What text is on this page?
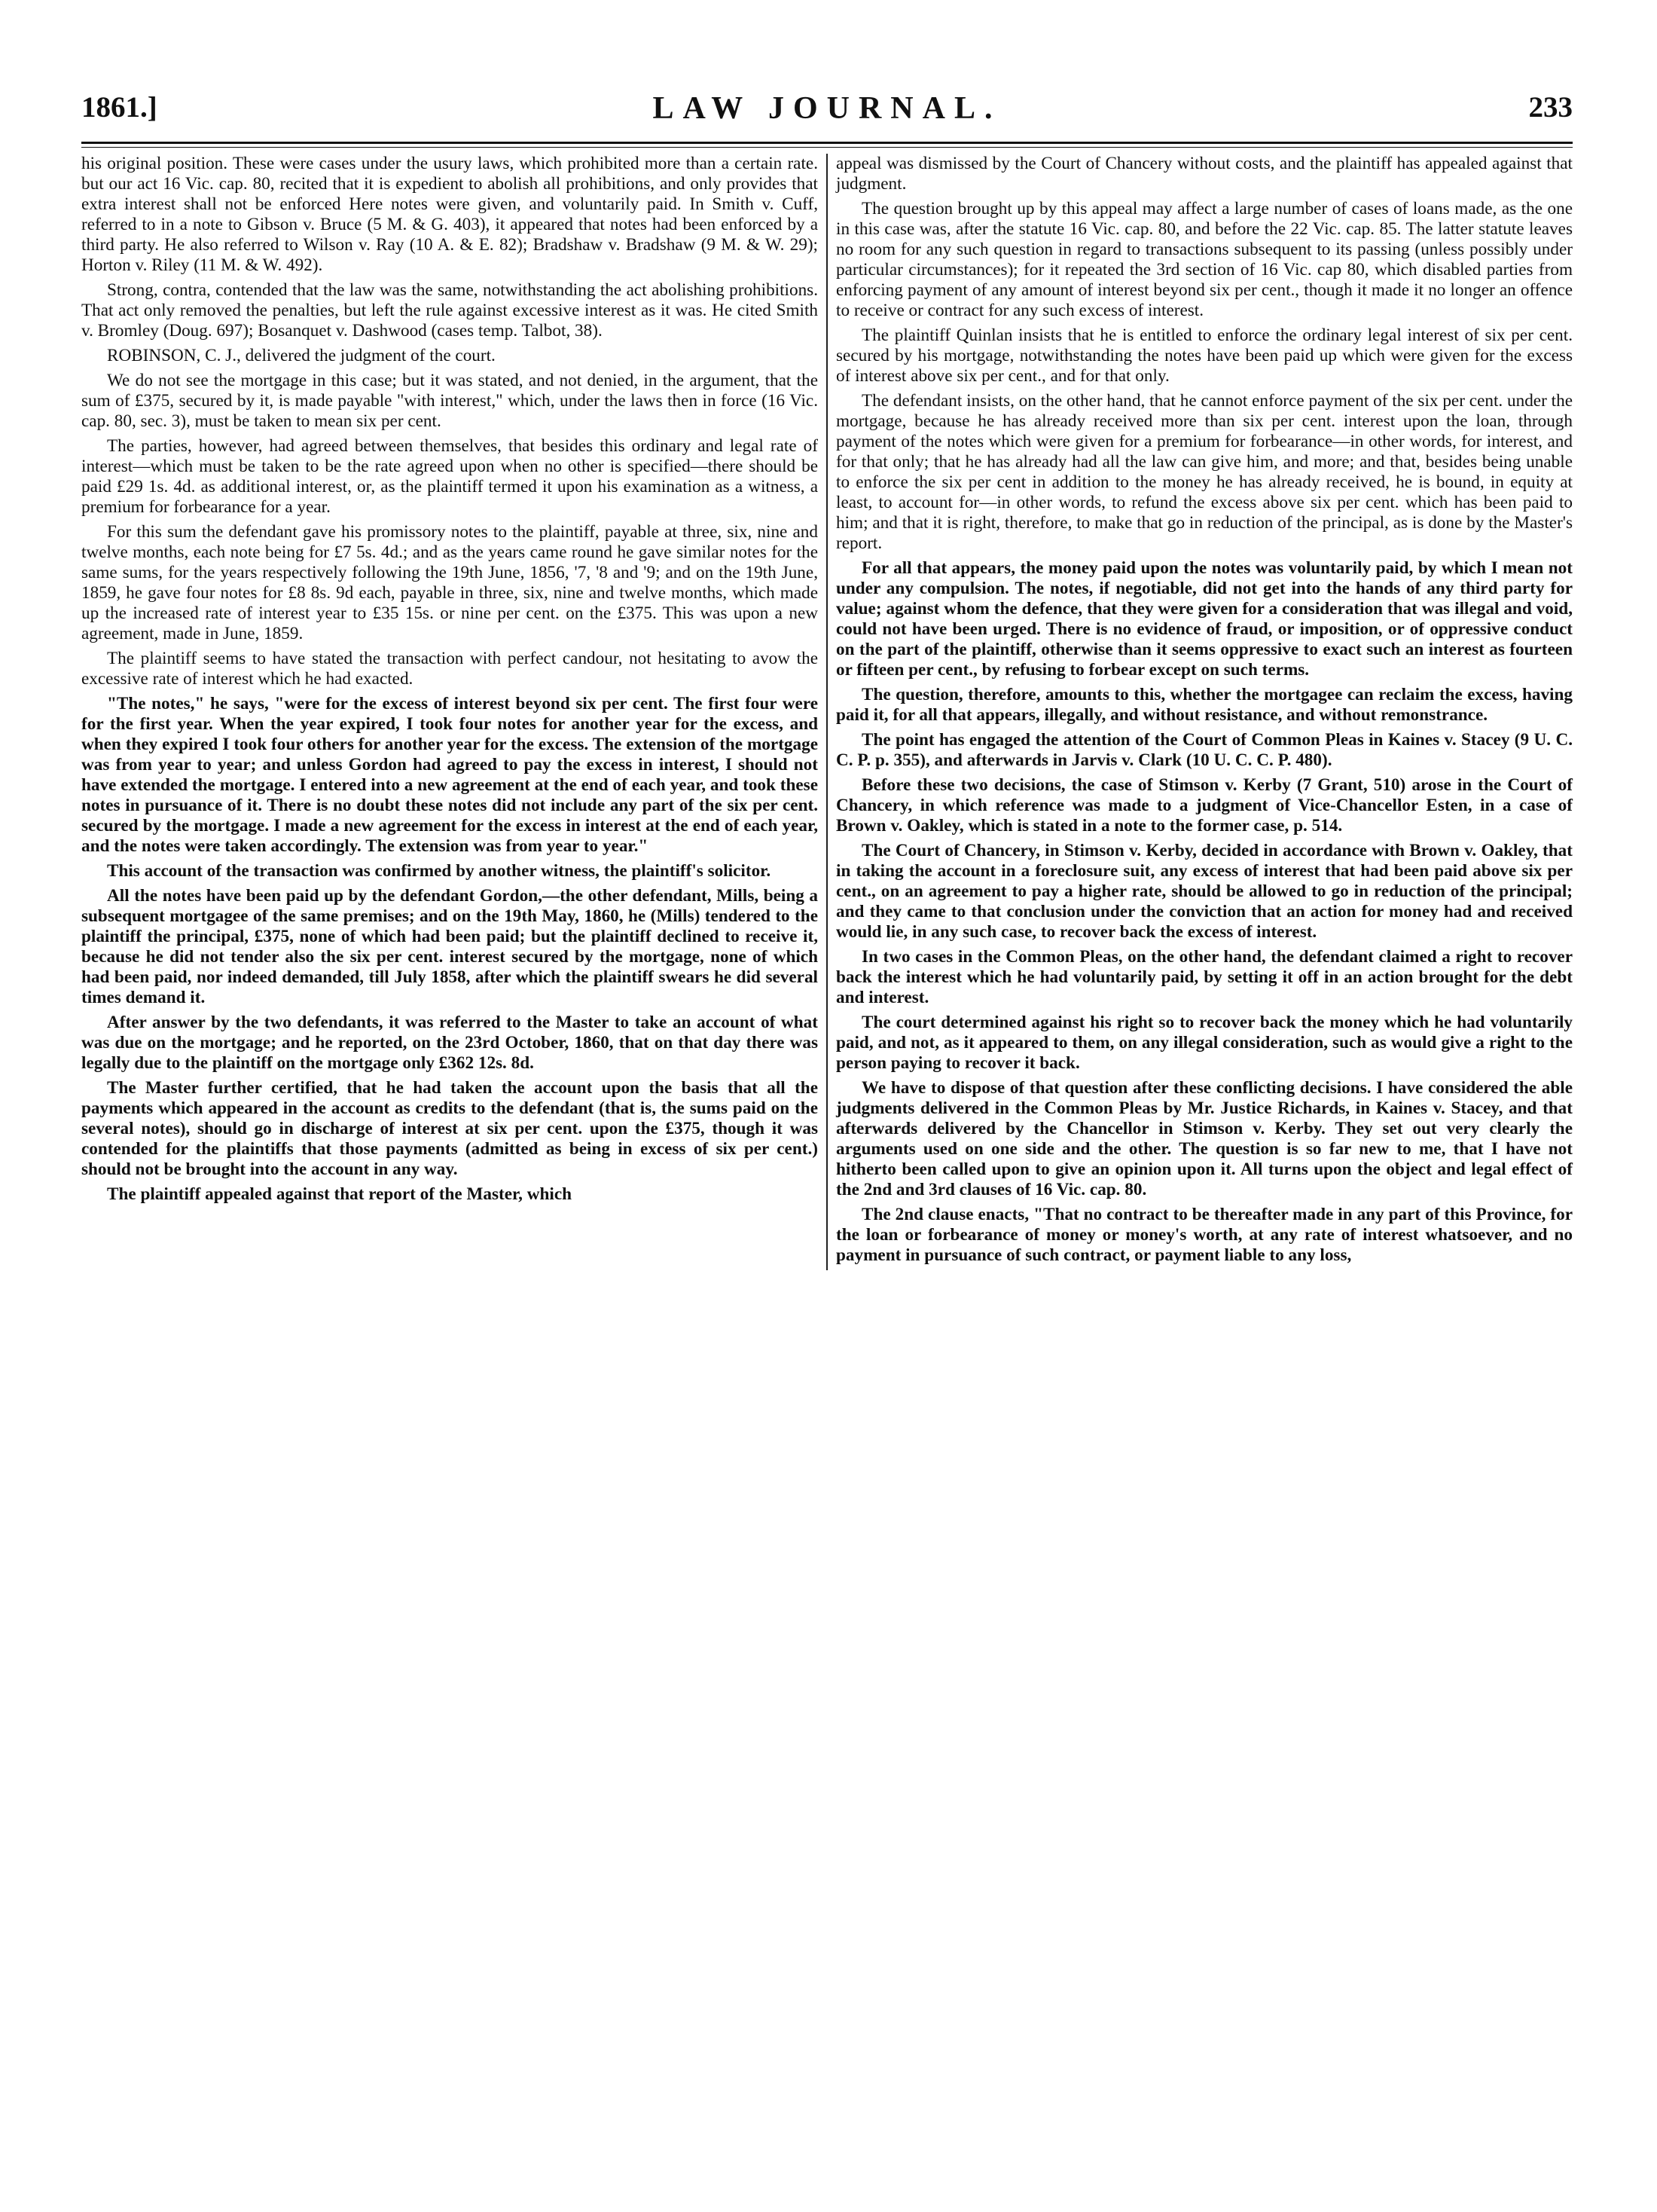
1861.]	LAW JOURNAL.	233

his original position. These were cases under the usury laws, which prohibited more than a certain rate. but our act 16 Vic. cap. 80, recited that it is expedient to abolish all prohibitions, and only provides that extra interest shall not be enforced Here notes were given, and voluntarily paid. In Smith v. Cuff, referred to in a note to Gibson v. Bruce (5 M. & G. 403), it appeared that notes had been enforced by a third party. He also referred to Wilson v. Ray (10 A. & E. 82); Bradshaw v. Bradshaw (9 M. & W. 29); Horton v. Riley (11 M. & W. 492).

Strong, contra, contended that the law was the same, notwithstanding the act abolishing prohibitions. That act only removed the penalties, but left the rule against excessive interest as it was. He cited Smith v. Bromley (Doug. 697); Bosanquet v. Dashwood (cases temp. Talbot, 38).

ROBINSON, C. J., delivered the judgment of the court.

We do not see the mortgage in this case; but it was stated, and not denied, in the argument, that the sum of £375, secured by it, is made payable "with interest," which, under the laws then in force (16 Vic. cap. 80, sec. 3), must be taken to mean six per cent.

The parties, however, had agreed between themselves, that besides this ordinary and legal rate of interest—which must be taken to be the rate agreed upon when no other is specified—there should be paid £29 1s. 4d. as additional interest, or, as the plaintiff termed it upon his examination as a witness, a premium for forbearance for a year.

For this sum the defendant gave his promissory notes to the plaintiff, payable at three, six, nine and twelve months, each note being for £7 5s. 4d.; and as the years came round he gave similar notes for the same sums, for the years respectively following the 19th June, 1856, '7, '8 and '9; and on the 19th June, 1859, he gave four notes for £8 8s. 9d each, payable in three, six, nine and twelve months, which made up the increased rate of interest year to £35 15s. or nine per cent. on the £375. This was upon a new agreement, made in June, 1859.

The plaintiff seems to have stated the transaction with perfect candour, not hesitating to avow the excessive rate of interest which he had exacted.

"The notes," he says, "were for the excess of interest beyond six per cent. The first four were for the first year. When the year expired, I took four notes for another year for the excess, and when they expired I took four others for another year for the excess. The extension of the mortgage was from year to year; and unless Gordon had agreed to pay the excess in interest, I should not have extended the mortgage. I entered into a new agreement at the end of each year, and took these notes in pursuance of it. There is no doubt these notes did not include any part of the six per cent. secured by the mortgage. I made a new agreement for the excess in interest at the end of each year, and the notes were taken accordingly. The extension was from year to year."

This account of the transaction was confirmed by another witness, the plaintiff's solicitor.

All the notes have been paid up by the defendant Gordon,—the other defendant, Mills, being a subsequent mortgagee of the same premises; and on the 19th May, 1860, he (Mills) tendered to the plaintiff the principal, £375, none of which had been paid; but the plaintiff declined to receive it, because he did not tender also the six per cent. interest secured by the mortgage, none of which had been paid, nor indeed demanded, till July 1858, after which the plaintiff swears he did several times demand it.

After answer by the two defendants, it was referred to the Master to take an account of what was due on the mortgage; and he reported, on the 23rd October, 1860, that on that day there was legally due to the plaintiff on the mortgage only £362 12s. 8d.

The Master further certified, that he had taken the account upon the basis that all the payments which appeared in the account as credits to the defendant (that is, the sums paid on the several notes), should go in discharge of interest at six per cent. upon the £375, though it was contended for the plaintiffs that those payments (admitted as being in excess of six per cent.) should not be brought into the account in any way.

The plaintiff appealed against that report of the Master, which

appeal was dismissed by the Court of Chancery without costs, and the plaintiff has appealed against that judgment.

The question brought up by this appeal may affect a large number of cases of loans made, as the one in this case was, after the statute 16 Vic. cap. 80, and before the 22 Vic. cap. 85. The latter statute leaves no room for any such question in regard to transactions subsequent to its passing (unless possibly under particular circumstances); for it repeated the 3rd section of 16 Vic. cap 80, which disabled parties from enforcing payment of any amount of interest beyond six per cent., though it made it no longer an offence to receive or contract for any such excess of interest.

The plaintiff Quinlan insists that he is entitled to enforce the ordinary legal interest of six per cent. secured by his mortgage, notwithstanding the notes have been paid up which were given for the excess of interest above six per cent., and for that only.

The defendant insists, on the other hand, that he cannot enforce payment of the six per cent. under the mortgage, because he has already received more than six per cent. interest upon the loan, through payment of the notes which were given for a premium for forbearance—in other words, for interest, and for that only; that he has already had all the law can give him, and more; and that, besides being unable to enforce the six per cent in addition to the money he has already received, he is bound, in equity at least, to account for—in other words, to refund the excess above six per cent. which has been paid to him; and that it is right, therefore, to make that go in reduction of the principal, as is done by the Master's report.

For all that appears, the money paid upon the notes was voluntarily paid, by which I mean not under any compulsion. The notes, if negotiable, did not get into the hands of any third party for value; against whom the defence, that they were given for a consideration that was illegal and void, could not have been urged. There is no evidence of fraud, or imposition, or of oppressive conduct on the part of the plaintiff, otherwise than it seems oppressive to exact such an interest as fourteen or fifteen per cent., by refusing to forbear except on such terms.

The question, therefore, amounts to this, whether the mortgagee can reclaim the excess, having paid it, for all that appears, illegally, and without resistance, and without remonstrance.

The point has engaged the attention of the Court of Common Pleas in Kaines v. Stacey (9 U. C. C. P. p. 355), and afterwards in Jarvis v. Clark (10 U. C. C. P. 480).

Before these two decisions, the case of Stimson v. Kerby (7 Grant, 510) arose in the Court of Chancery, in which reference was made to a judgment of Vice-Chancellor Esten, in a case of Brown v. Oakley, which is stated in a note to the former case, p. 514.

The Court of Chancery, in Stimson v. Kerby, decided in accordance with Brown v. Oakley, that in taking the account in a foreclosure suit, any excess of interest that had been paid above six per cent., on an agreement to pay a higher rate, should be allowed to go in reduction of the principal; and they came to that conclusion under the conviction that an action for money had and received would lie, in any such case, to recover back the excess of interest.

In two cases in the Common Pleas, on the other hand, the defendant claimed a right to recover back the interest which he had voluntarily paid, by setting it off in an action brought for the debt and interest.

The court determined against his right so to recover back the money which he had voluntarily paid, and not, as it appeared to them, on any illegal consideration, such as would give a right to the person paying to recover it back.

We have to dispose of that question after these conflicting decisions. I have considered the able judgments delivered in the Common Pleas by Mr. Justice Richards, in Kaines v. Stacey, and that afterwards delivered by the Chancellor in Stimson v. Kerby. They set out very clearly the arguments used on one side and the other. The question is so far new to me, that I have not hitherto been called upon to give an opinion upon it. All turns upon the object and legal effect of the 2nd and 3rd clauses of 16 Vic. cap. 80.

The 2nd clause enacts, "That no contract to be thereafter made in any part of this Province, for the loan or forbearance of money or money's worth, at any rate of interest whatsoever, and no payment in pursuance of such contract, or payment liable to any loss,
